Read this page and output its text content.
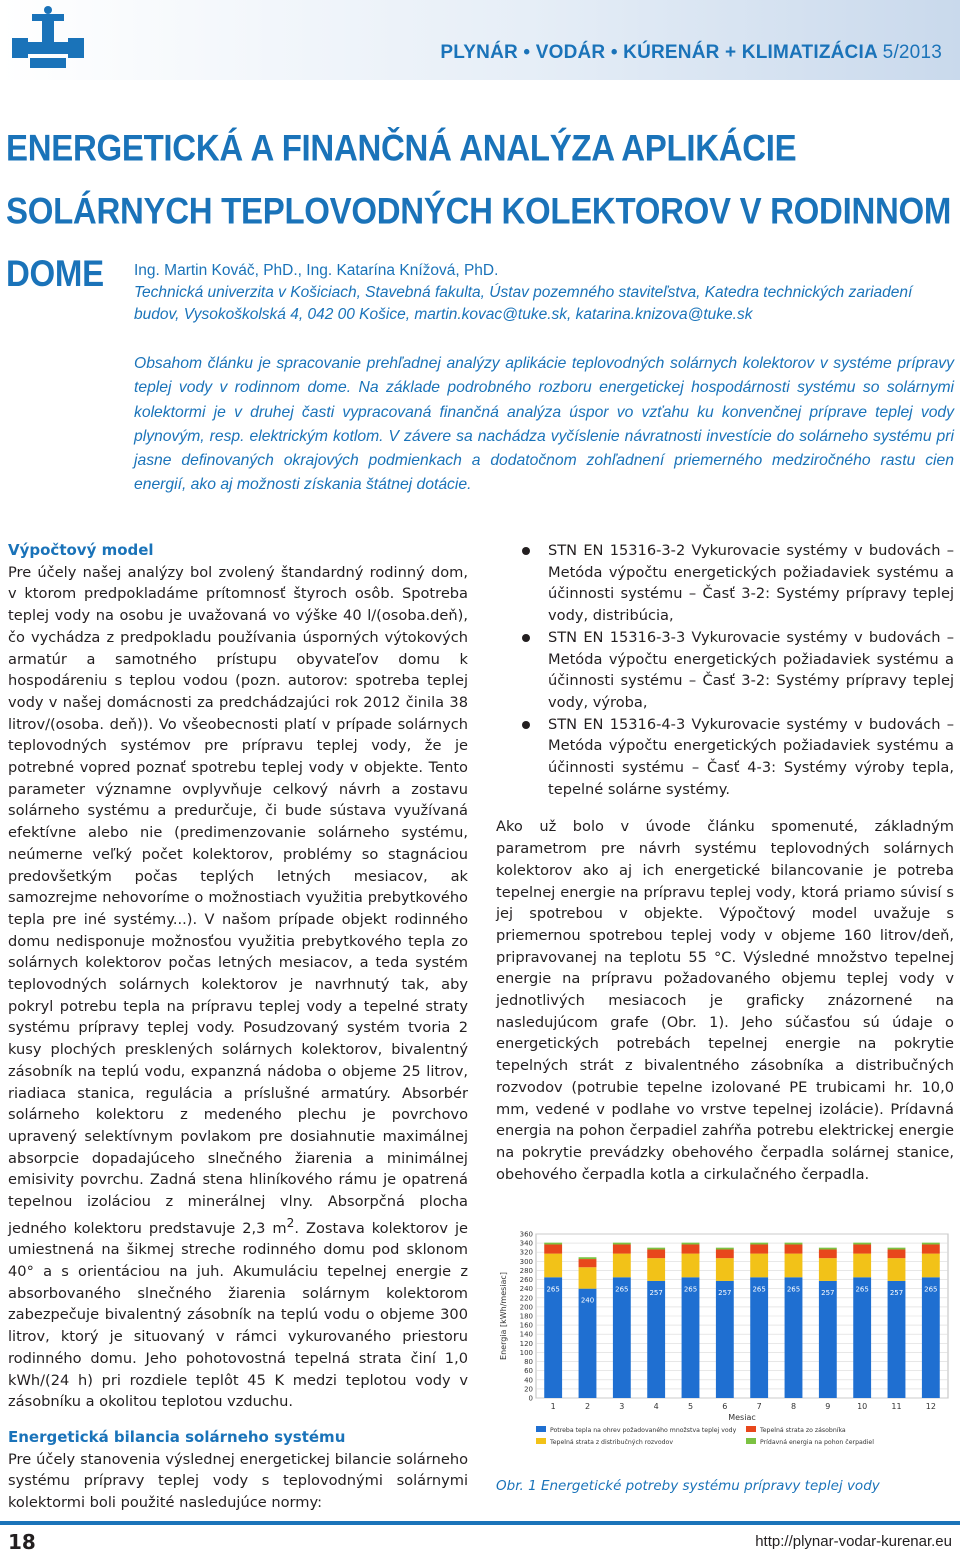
PLYNÁR • VODÁR • KÚRENÁR + KLIMATIZÁCIA 5/2013
ENERGETICKÁ A FINANČNÁ ANALÝZA APLIKÁCIE SOLÁRNYCH TEPLOVODNÝCH KOLEKTOROV V RODINNOM DOME	Ing. Martin Kováč, PhD., Ing. Katarína Knížová, PhD.
Technická univerzita v Košiciach, Stavebná fakulta, Ústav pozemného staviteľstva, Katedra technických zariadení budov, Vysokoškolská 4, 042 00 Košice, martin.kovac@tuke.sk, katarina.knizova@tuke.sk
Obsahom článku je spracovanie prehľadnej analýzy aplikácie teplovodných solárnych kolektorov v systéme prípravy teplej vody v rodinnom dome. Na základe podrobného rozboru energetickej hospodárnosti systému so solárnymi kolektormi je v druhej časti vypracovaná finančná analýza úspor vo vzťahu ku konvenčnej príprave teplej vody plynovým, resp. elektrickým kotlom. V závere sa nachádza vyčíslenie návratnosti investície do solárneho systému pri jasne definovaných okrajových podmienkach a dodatočnom zohľadnení priemerného medziročného rastu cien energií, ako aj možnosti získania štátnej dotácie.
Výpočtový model

Pre účely našej analýzy bol zvolený štandardný rodinný dom, v ktorom predpokladáme prítomnosť štyroch osôb. Spotreba teplej vody na osobu je uvažovaná vo výške 40 l/(osoba.deň), čo vychádza z predpokladu používania úsporných výtokových armatúr a samotného prístupu obyvateľov domu k hospodáreniu s teplou vodou (pozn. autorov: spotreba teplej vody v našej domácnosti za predchádzajúci rok 2012 činila 38 litrov/(osoba. deň)). Vo všeobecnosti platí v prípade solárnych teplovodných systémov pre prípravu teplej vody, že je potrebné vopred poznať spotrebu teplej vody v objekte. Tento parameter významne ovplyvňuje celkový návrh a zostavu solárneho systému a predurčuje, či bude sústava využívaná efektívne alebo nie (predimenzovanie solárneho systému, neúmerne veľký počet kolektorov, problémy so stagnáciou predovšetkým počas teplých letných mesiacov, ak samozrejme nehovoríme o možnostiach využitia prebytkového tepla pre iné systémy...). V našom prípade objekt rodinného domu nedisponuje možnosťou využitia prebytkového tepla zo solárnych kolektorov počas letných mesiacov, a teda systém teplovodných solárnych kolektorov je navrhnutý tak, aby pokryl potrebu tepla na prípravu teplej vody a tepelné straty systému prípravy teplej vody. Posudzovaný systém tvoria 2 kusy plochých presklených solárnych kolektorov, bivalentný zásobník na teplú vodu, expanzná nádoba o objeme 25 litrov, riadiaca stanica, regulácia a príslušné armatúry. Absorbér solárneho kolektoru z medeného plechu je povrchovo upravený selektívnym povlakom pre dosiahnutie maximálnej absorpcie dopadajúceho slnečného žiarenia a minimálnej emisivity povrchu. Zadná stena hliníkového rámu je opatrená tepelnou izoláciou z minerálnej vlny. Absorpčná plocha jedného kolektoru predstavuje 2,3 $m^2$. Zostava kolektorov je umiestnená na šikmej streche rodinného domu pod sklonom 40° a s orientáciou na juh. Akumuláciu tepelnej energie z absorbovaného slnečného žiarenia solárnym kolektorom zabezpečuje bivalentný zásobník na teplú vodu o objeme 300 litrov, ktorý je situovaný v rámci vykurovaného priestoru rodinného domu. Jeho pohotovostná tepelná strata činí 1,0 kWh/(24 h) pri rozdiele teplôt 45 K medzi teplotou vody v zásobníku a okolitou teplotou vzduchu.

Energetická bilancia solárneho systému

Pre účely stanovenia výslednej energetickej bilancie solárneho systému prípravy teplej vody s teplovodnými solárnymi kolektormi boli použité nasledujúce normy:

STN EN 15316-3-2 Vykurovacie systémy v budovách – Metóda výpočtu energetických požiadaviek systému a účinnosti systému – Časť 3-2: Systémy prípravy teplej vody, distribúcia,
STN EN 15316-3-3 Vykurovacie systémy v budovách – Metóda výpočtu energetických požiadaviek systému a účinnosti systému – Časť 3-2: Systémy prípravy teplej vody, výroba,
STN EN 15316-4-3 Vykurovacie systémy v budovách – Metóda výpočtu energetických požiadaviek systému a účinnosti systému – Časť 4-3: Systémy výroby tepla, tepelné solárne systémy.

Ako už bolo v úvode článku spomenuté, základným parametrom pre návrh systému teplovodných solárnych kolektorov ako aj ich energetické bilancovanie je potreba tepelnej energie na prípravu teplej vody, ktorá priamo súvisí s jej spotrebou v objekte. Výpočtový model uvažuje s priemernou spotrebou teplej vody v objeme 160 litrov/deň, pripravovanej na teplotu 55 °C. Výsledné množstvo tepelnej energie na prípravu požadovaného objemu teplej vody v jednotlivých mesiacoch je graficky znázornené na nasledujúcom grafe (Obr. 1). Jeho súčasťou sú údaje o energetických potrebách tepelnej energie na pokrytie tepelných strát z bivalentného zásobníka a distribučných rozvodov (potrubie tepelne izolované PE trubicami hr. 10,0 mm, vedené v podlahe vo vrstve tepelnej izolácie). Prídavná energia na pohon čerpadiel zahŕňa potrebu elektrickej energie na pokrytie prevádzky obehového čerpadla solárnej stanice, obehového čerpadla kotla a cirkulačného čerpadla.

0
20
40
60
80
100
120
140
160
180
200
220
240
260
280
300
320
340
360
Energia [kWh/mesiac]	265
1
240
2
265
3
257
4
265
5
257
6
265
7
265
8
257
9
265
10
257
11
265
12
Mesiac
Potreba tepla na ohrev požadovaného množstva teplej vody
Tepelná strata z distribučných rozvodov
Tepelná strata zo zásobníka
Prídavná energia na pohon čerpadiel
Obr. 1 Energetické potreby systému prípravy teplej vody
18	http://plynar-vodar-kurenar.eu
